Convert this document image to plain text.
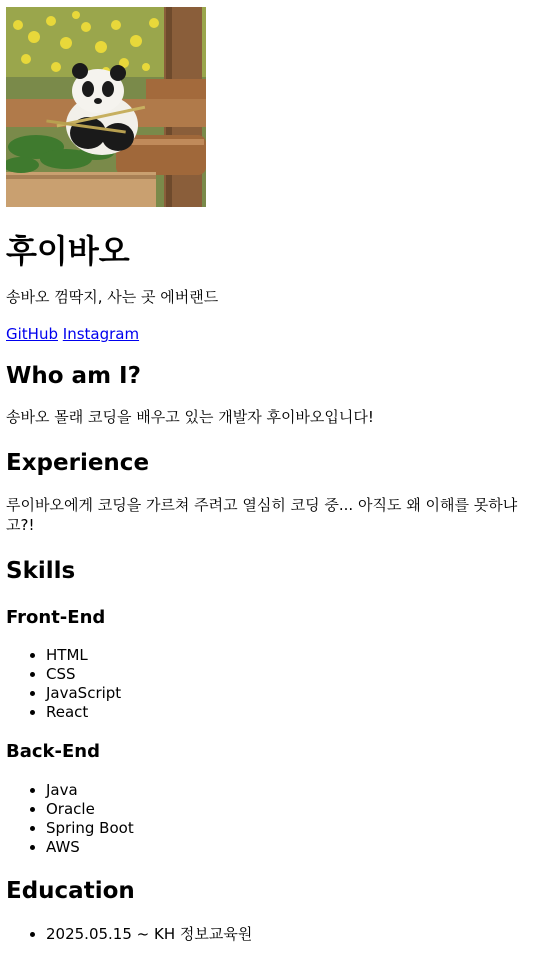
후이바오

송바오 껌딱지, 사는 곳 에버랜드

GitHub Instagram

Who am I?

송바오 몰래 코딩을 배우고 있는 개발자 후이바오입니다!

Experience

루이바오에게 코딩을 가르쳐 주려고 열심히 코딩 중... 아직도 왜 이해를 못하냐고?!

Skills
Front-End
• HTML
• CSS
• JavaScript
• React
Back-End
• Java
• Oracle
• Spring Boot
• AWS
Education
• 2025.05.15 ~ KH 정보교육원
